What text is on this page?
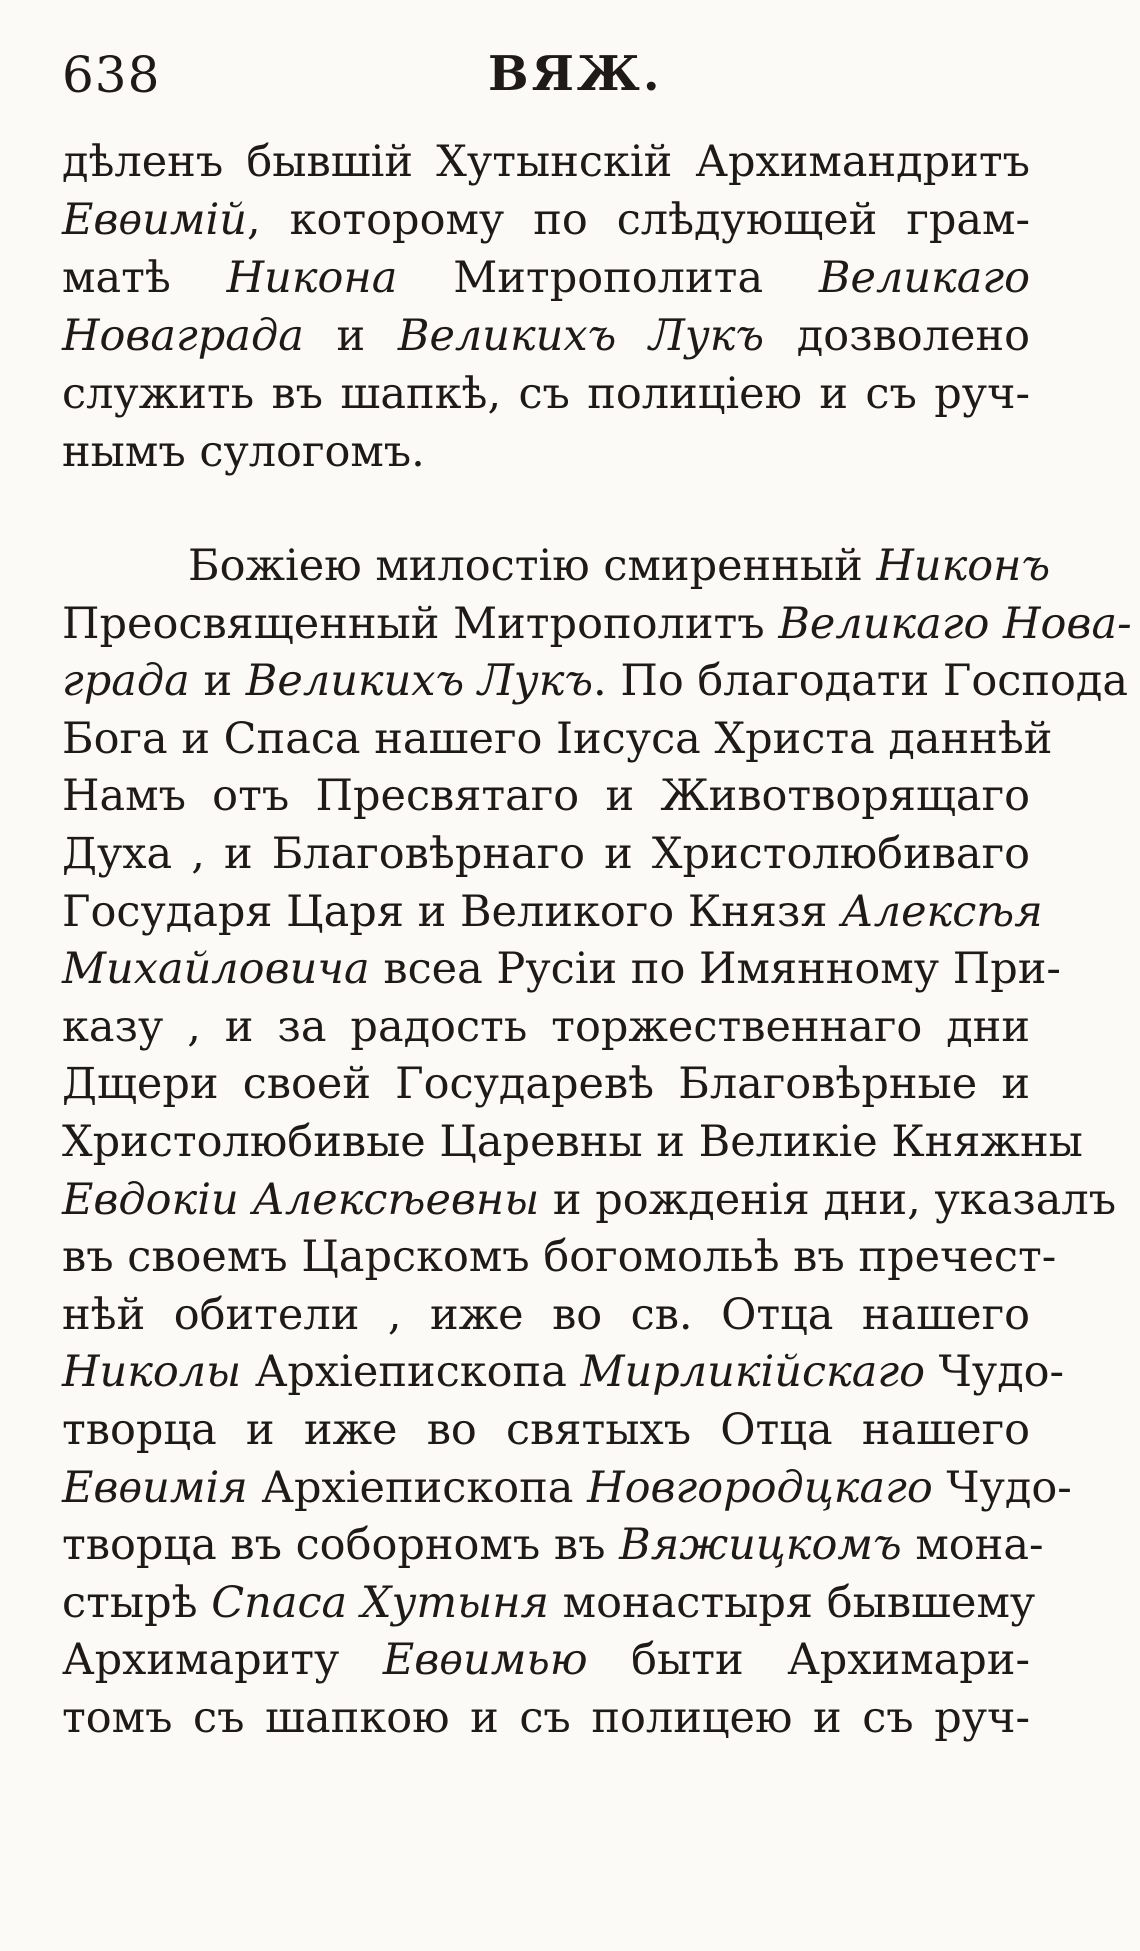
638	ВЯЖ.
дѣленъ бывшій Хутынскій Архимандритъ
Евѳимій, которому по слѣдующей грам-
матѣ Никона Митрополита Великаго
Новаграда и Великихъ Лукъ дозволено
служить въ шапкѣ, съ полиціею и съ руч-
нымъ сулогомъ.
Божіею милостію смиренный Никонъ
Преосвященный Митрополитъ Великаго Нова-
града и Великихъ Лукъ. По благодати Господа
Бога и Спаса нашего Іисуса Христа даннѣй
Намъ отъ Пресвятаго и Животворящаго
Духа , и Благовѣрнаго и Христолюбиваго
Государя Царя и Великого Князя Алексѣя
Михайловича всеа Русіи по Имянному При-
казу , и за радость торжественнаго дни
Дщери своей Государевѣ Благовѣрные и
Христолюбивые Царевны и Великіе Княжны
Евдокіи Алексѣевны и рожденія дни, указалъ
въ своемъ Царскомъ богомольѣ въ пречест-
нѣй обители , иже во св. Отца нашего
Николы Архіепископа Мирликійскаго Чудо-
творца и иже во святыхъ Отца нашего
Евѳимія Архіепископа Новгородцкаго Чудо-
творца въ соборномъ въ Вяжицкомъ мона-
стырѣ Спаса Хутыня монастыря бывшему
Архимариту Евѳимью быти Архимари-
томъ съ шапкою и съ полицею и съ руч-
